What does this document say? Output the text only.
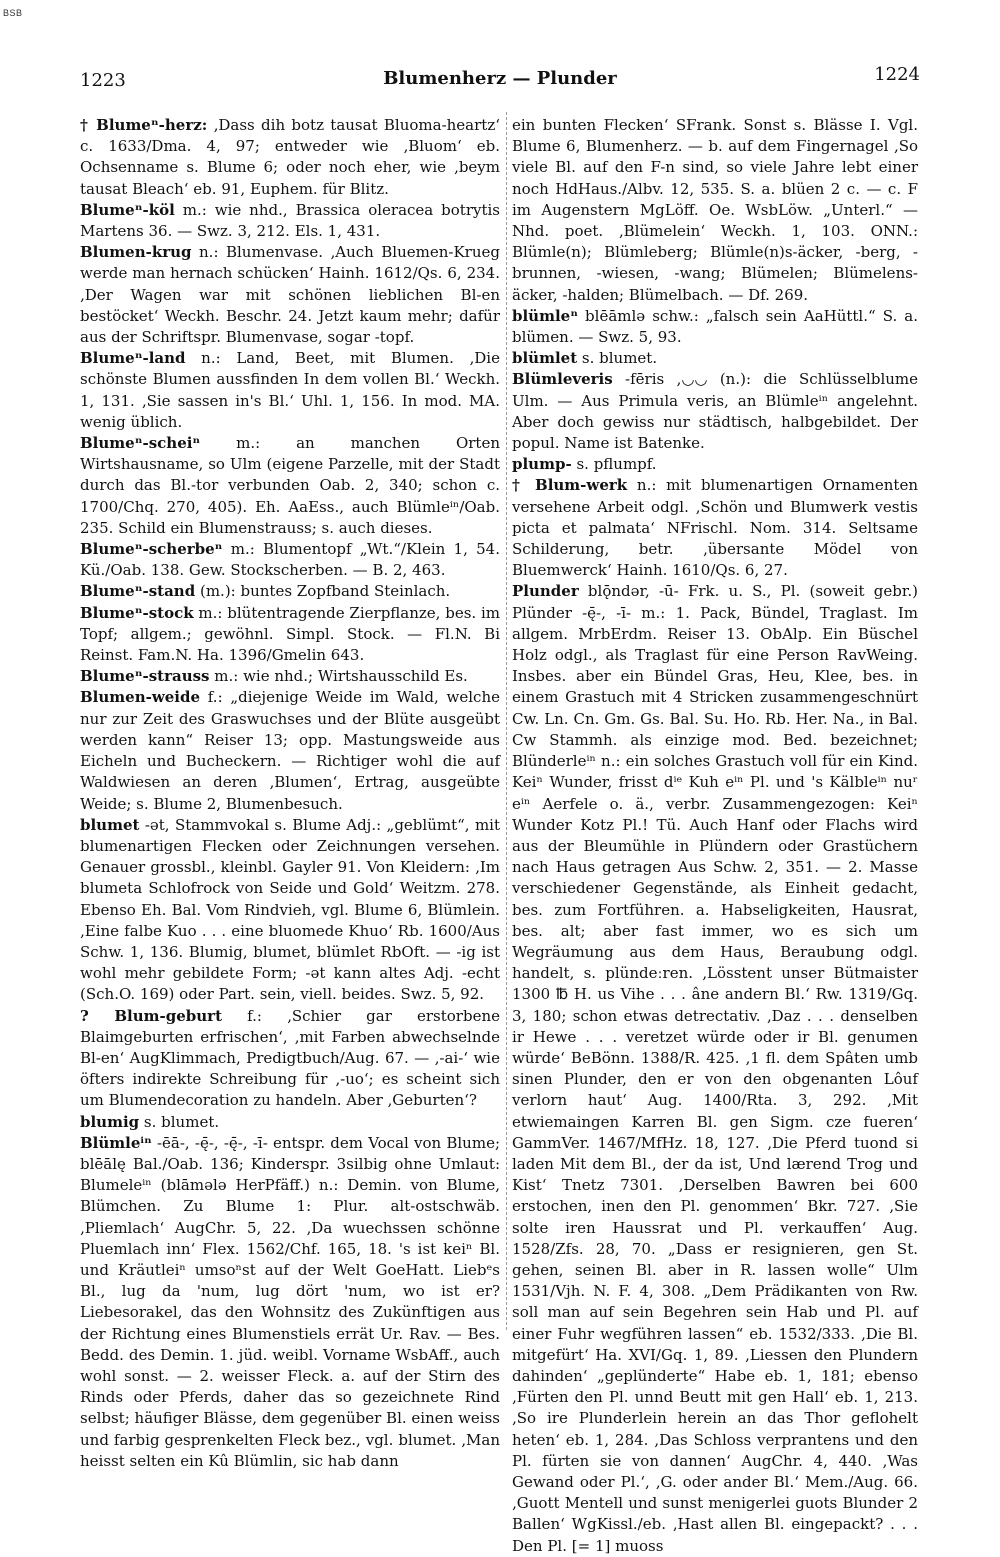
BSB
1223	Blumenherz — Plunder	1224

† Blumeⁿ-herz: ‚Dass dih botz tausat Bluoma-heartz‘ c. 1633/Dma. 4, 97; entweder wie ‚Bluom‘ eb. Ochsenname s. Blume 6; oder noch eher, wie ‚beym tausat Bleach‘ eb. 91, Euphem. für Blitz.

Blumeⁿ-köl m.: wie nhd., Brassica oleracea botrytis Martens 36. — Swz. 3, 212. Els. 1, 431.

Blumen-krug n.: Blumenvase. ‚Auch Bluemen-Krueg werde man hernach schücken‘ Hainh. 1612/Qs. 6, 234. ‚Der Wagen war mit schönen lieblichen Bl-en bestöcket‘ Weckh. Beschr. 24. Jetzt kaum mehr; dafür aus der Schriftspr. Blumenvase, sogar -topf.

Blumeⁿ-land n.: Land, Beet, mit Blumen. ‚Die schönste Blumen aussfinden In dem vollen Bl.‘ Weckh. 1, 131. ‚Sie sassen in's Bl.‘ Uhl. 1, 156. In mod. MA. wenig üblich.

Blumeⁿ-scheiⁿ m.: an manchen Orten Wirtshausname, so Ulm (eigene Parzelle, mit der Stadt durch das Bl.-tor verbunden Oab. 2, 340; schon c. 1700/Chq. 270, 405). Eh. AaEss., auch Blümleⁱⁿ/Oab. 235. Schild ein Blumenstrauss; s. auch dieses.

Blumeⁿ-scherbeⁿ m.: Blumentopf „Wt.“/Klein 1, 54. Kü./Oab. 138. Gew. Stockscherben. — B. 2, 463.

Blumeⁿ-stand (m.): buntes Zopfband Steinlach.

Blumeⁿ-stock m.: blütentragende Zierpflanze, bes. im Topf; allgem.; gewöhnl. Simpl. Stock. — Fl.N. Bi Reinst. Fam.N. Ha. 1396/Gmelin 643.

Blumeⁿ-strauss m.: wie nhd.; Wirtshausschild Es.

Blumen-weide f.: „diejenige Weide im Wald, welche nur zur Zeit des Graswuchses und der Blüte ausgeübt werden kann“ Reiser 13; opp. Mastungsweide aus Eicheln und Bucheckern. — Richtiger wohl die auf Waldwiesen an deren ‚Blumen‘, Ertrag, ausgeübte Weide; s. Blume 2, Blumenbesuch.

blumet -ət, Stammvokal s. Blume Adj.: „geblümt“, mit blumenartigen Flecken oder Zeichnungen versehen. Genauer grossbl., kleinbl. Gayler 91. Von Kleidern: ‚Im blumeta Schlofrock von Seide und Gold‘ Weitzm. 278. Ebenso Eh. Bal. Vom Rindvieh, vgl. Blume 6, Blümlein. ‚Eine falbe Kuo . . . eine bluomede Khuo‘ Rb. 1600/Aus Schw. 1, 136. Blumig, blumet, blümlet RbOft. — -ig ist wohl mehr gebildete Form; -ət kann altes Adj. -echt (Sch.O. 169) oder Part. sein, viell. beides. Swz. 5, 92.

? Blum-geburt f.: ‚Schier gar erstorbene Blaimgeburten erfrischen‘, ‚mit Farben abwechselnde Bl-en‘ AugKlimmach, Predigtbuch/Aug. 67. — ‚-ai-‘ wie öfters indirekte Schreibung für ‚-uo‘; es scheint sich um Blumendecoration zu handeln. Aber ‚Geburten‘?

blumig s. blumet.

Blümleⁱⁿ -ēā-, -ę̄-, -ę̄-, -ī- entspr. dem Vocal von Blume; blēālę Bal./Oab. 136; Kinderspr. 3silbig ohne Umlaut: Blumeleⁱⁿ (blāmələ HerPfäff.) n.: Demin. von Blume, Blümchen. Zu Blume 1: Plur. alt-ostschwäb. ‚Pliemlach‘ AugChr. 5, 22. ‚Da wuechssen schönne Pluemlach inn‘ Flex. 1562/Chf. 165, 18. 's ist keiⁿ Bl. und Kräutleiⁿ umsoⁿst auf der Welt GoeHatt. Liebᵉs Bl., lug da 'num, lug dört 'num, wo ist er? Liebesorakel, das den Wohnsitz des Zukünftigen aus der Richtung eines Blumenstiels errät Ur. Rav. — Bes. Bedd. des Demin. 1. jüd. weibl. Vorname WsbAff., auch wohl sonst. — 2. weisser Fleck. a. auf der Stirn des Rinds oder Pferds, daher das so gezeichnete Rind selbst; häufiger Blässe, dem gegenüber Bl. einen weiss und farbig gesprenkelten Fleck bez., vgl. blumet. ‚Man heisst selten ein Kû Blümlin, sic hab dann

ein bunten Flecken‘ SFrank. Sonst s. Blässe I. Vgl. Blume 6, Blumenherz. — b. auf dem Fingernagel ‚So viele Bl. auf den F-n sind, so viele Jahre lebt einer noch HdHaus./Albv. 12, 535. S. a. blüen 2 c. — c. F im Augenstern MgLöff. Oe. WsbLöw. „Unterl.“ — Nhd. poet. ‚Blümelein‘ Weckh. 1, 103. ONN.: Blümle(n); Blümleberg; Blümle(n)s-äcker, -berg, -brunnen, -wiesen, -wang; Blümelen; Blümelens-äcker, -halden; Blümelbach. — Df. 269.

blümleⁿ blēāmlə schw.: „falsch sein AaHüttl.“ S. a. blümen. — Swz. 5, 93.

blümlet s. blumet.

Blümleveris -fēris ‚◡◡ (n.): die Schlüsselblume Ulm. — Aus Primula veris, an Blümleⁱⁿ angelehnt. Aber doch gewiss nur städtisch, halbgebildet. Der popul. Name ist Batenke.

plump- s. pflumpf.

† Blum-werk n.: mit blumenartigen Ornamenten versehene Arbeit odgl. ‚Schön und Blumwerk vestis picta et palmata‘ NFrischl. Nom. 314. Seltsame Schilderung, betr. ‚übersante Mödel von Bluemwerck‘ Hainh. 1610/Qs. 6, 27.

Plunder blǭndər, -ū- Frk. u. S., Pl. (soweit gebr.) Plünder -ę̄-, -ī- m.: 1. Pack, Bündel, Traglast. Im allgem. MrbErdm. Reiser 13. ObAlp. Ein Büschel Holz odgl., als Traglast für eine Person RavWeing. Insbes. aber ein Bündel Gras, Heu, Klee, bes. in einem Grastuch mit 4 Stricken zusammengeschnürt Cw. Ln. Cn. Gm. Gs. Bal. Su. Ho. Rb. Her. Na., in Bal. Cw Stammh. als einzige mod. Bed. bezeichnet; Blünderleⁱⁿ n.: ein solches Grastuch voll für ein Kind. Keiⁿ Wunder, frisst dⁱᵉ Kuh eⁱⁿ Pl. und 's Kälbleⁱⁿ nuʳ eⁱⁿ Aerfele o. ä., verbr. Zusammengezogen: Keiⁿ Wunder Kotz Pl.! Tü. Auch Hanf oder Flachs wird aus der Bleumühle in Plündern oder Grastüchern nach Haus getragen Aus Schw. 2, 351. — 2. Masse verschiedener Gegenstände, als Einheit gedacht, bes. zum Fortführen. a. Habseligkeiten, Hausrat, bes. alt; aber fast immer, wo es sich um Wegräumung aus dem Haus, Beraubung odgl. handelt, s. plündeːren. ‚Lösstent unser Bütmaister 1300 ℔ H. us Vihe . . . âne andern Bl.‘ Rw. 1319/Gq. 3, 180; schon etwas detrectativ. ‚Daz . . . denselben ir Hewe . . . veretzet würde oder ir Bl. genumen würde‘ BeBönn. 1388/R. 425. ‚1 fl. dem Spâten umb sinen Plunder, den er von den obgenanten Lôuf verlorn haut‘ Aug. 1400/Rta. 3, 292. ‚Mit etwiemaingen Karren Bl. gen Sigm. cze fueren‘ GammVer. 1467/MfHz. 18, 127. ‚Die Pferd tuond si laden Mit dem Bl., der da ist, Und lærend Trog und Kist‘ Tnetz 7301. ‚Derselben Bawren bei 600 erstochen, inen den Pl. genommen‘ Bkr. 727. ‚Sie solte iren Haussrat und Pl. verkauffen‘ Aug. 1528/Zfs. 28, 70. „Dass er resignieren, gen St. gehen, seinen Bl. aber in R. lassen wolle“ Ulm 1531/Vjh. N. F. 4, 308. „Dem Prädikanten von Rw. soll man auf sein Begehren sein Hab und Pl. auf einer Fuhr wegführen lassen“ eb. 1532/333. ‚Die Bl. mitgefürt‘ Ha. XVI/Gq. 1, 89. ‚Liessen den Plundern dahinden‘ „geplünderte“ Habe eb. 1, 181; ebenso ‚Fürten den Pl. unnd Beutt mit gen Hall‘ eb. 1, 213. ‚So ire Plunderlein herein an das Thor geflohelt heten‘ eb. 1, 284. ‚Das Schloss verprantens und den Pl. fürten sie von dannen‘ AugChr. 4, 440. ‚Was Gewand oder Pl.‘, ‚G. oder ander Bl.‘ Mem./Aug. 66. ‚Guott Mentell und sunst menigerlei guots Blunder 2 Ballen‘ WgKissl./eb. ‚Hast allen Bl. eingepackt? . . . Den Pl. [= 1] muoss
